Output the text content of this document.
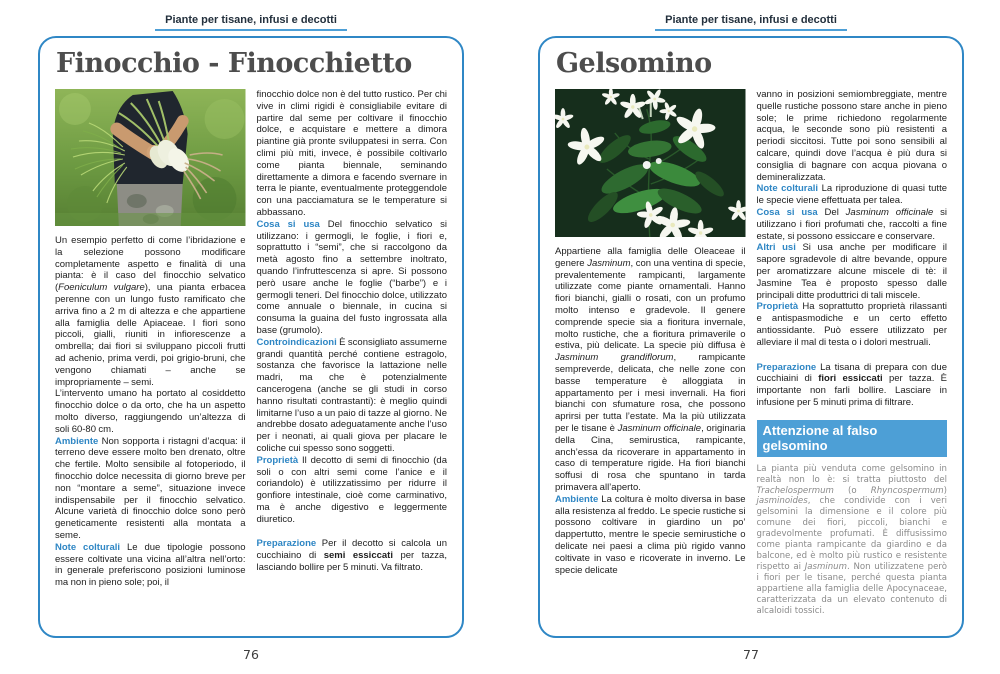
Piante per tisane, infusi e decotti
Finocchio - Finocchietto

Un esempio perfetto di come l’ibridazione e la selezione possono modificare completamente aspetto e finalità di una pianta: è il caso del finocchio selvatico (Foeniculum vulgare), una pianta erbacea perenne con un lungo fusto ramificato che arriva fino a 2 m di altezza e che appartiene alla famiglia delle Apiaceae. I fiori sono piccoli, gialli, riuniti in infiorescenze a ombrella; dai fiori si sviluppano piccoli frutti ad achenio, prima verdi, poi grigio-bruni, che vengono chiamati – anche se impropriamente – semi.

L’intervento umano ha portato al cosiddetto finocchio dolce o da orto, che ha un aspetto molto diverso, raggiungendo un’altezza di soli 60-80 cm.

Ambiente Non sopporta i ristagni d’acqua: il terreno deve essere molto ben drenato, oltre che fertile. Molto sensibile al fotoperiodo, il finocchio dolce necessita di giorno breve per non “montare a seme”, situazione invece indispensabile per il finocchio selvatico. Alcune varietà di finocchio dolce sono però geneticamente resistenti alla montata a seme.

Note colturali Le due tipologie possono essere coltivate una vicina all’altra nell’orto: in generale preferiscono posizioni luminose ma non in pieno sole; poi, il

finocchio dolce non è del tutto rustico. Per chi vive in climi rigidi è consigliabile evitare di partire dal seme per coltivare il finocchio dolce, e acquistare e mettere a dimora piantine già pronte sviluppatesi in serra. Con climi più miti, invece, è possibile coltivarlo come pianta biennale, seminando direttamente a dimora e facendo svernare in terra le piante, eventualmente proteggendole con una pacciamatura se le temperature si abbassano.

Cosa si usa Del finocchio selvatico si utilizzano: i germogli, le foglie, i fiori e, soprattutto i “semi”, che si raccolgono da metà agosto fino a settembre inoltrato, quando l’infruttescenza si apre. Si possono però usare anche le foglie (“barbe”) e i germogli teneri. Del finocchio dolce, utilizzato come annuale o biennale, in cucina si consuma la guaina del fusto ingrossata alla base (grumolo).

Controindicazioni È sconsigliato assumerne grandi quantità perché contiene estragolo, sostanza che favorisce la lattazione nelle madri, ma che è potenzialmente cancerogena (anche se gli studi in corso hanno risultati contrastanti): è meglio quindi limitarne l’uso a un paio di tazze al giorno. Ne andrebbe dosato adeguatamente anche l’uso per i neonati, ai quali giova per placare le coliche cui spesso sono soggetti.

Proprietà Il decotto di semi di finocchio (da soli o con altri semi come l’anice e il coriandolo) è utilizzatissimo per ridurre il gonfiore intestinale, cioè come carminativo, ma è anche digestivo e leggermente diuretico.

Preparazione Per il decotto si calcola un cucchiaino di semi essiccati per tazza, lasciando bollire per 5 minuti. Va filtrato.

76
Piante per tisane, infusi e decotti
Gelsomino

Appartiene alla famiglia delle Oleaceae il genere Jasminum, con una ventina di specie, prevalentemente rampicanti, largamente utilizzate come piante ornamentali. Hanno fiori bianchi, gialli o rosati, con un profumo molto intenso e gradevole. Il genere comprende specie sia a fioritura invernale, molto rustiche, che a fioritura primaverile o estiva, più delicate. La specie più diffusa è Jasminum grandiflorum, rampicante sempreverde, delicata, che nelle zone con basse temperature è alloggiata in appartamento per i mesi invernali. Ha fiori bianchi con sfumature rosa, che possono aprirsi per tutta l’estate. Ma la più utilizzata per le tisane è Jasminum officinale, originaria della Cina, semirustica, rampicante, anch’essa da ricoverare in appartamento in caso di temperature rigide. Ha fiori bianchi soffusi di rosa che spuntano in tarda primavera all’aperto.

Ambiente La coltura è molto diversa in base alla resistenza al freddo. Le specie rustiche si possono coltivare in giardino un po’ dappertutto, mentre le specie semirustiche o delicate nei paesi a clima più rigido vanno coltivate in vaso e ricoverate in inverno. Le specie delicate

vanno in posizioni semiombreggiate, mentre quelle rustiche possono stare anche in pieno sole; le prime richiedono regolarmente acqua, le seconde sono più resistenti a periodi siccitosi. Tutte poi sono sensibili al calcare, quindi dove l’acqua è più dura si consiglia di bagnare con acqua piovana o demineralizzata.

Note colturali La riproduzione di quasi tutte le specie viene effettuata per talea.

Cosa si usa Del Jasminum officinale si utilizzano i fiori profumati che, raccolti a fine estate, si possono essiccare e conservare.

Altri usi Si usa anche per modificare il sapore sgradevole di altre bevande, oppure per aromatizzare alcune miscele di tè: il Jasmine Tea è proposto spesso dalle principali ditte produttrici di tali miscele.

Proprietà Ha soprattutto proprietà rilassanti e antispasmodiche e un certo effetto antiossidante. Può essere utilizzato per alleviare il mal di testa o i dolori mestruali.

Preparazione La tisana di prepara con due cucchiaini di fiori essiccati per tazza. È importante non farli bollire. Lasciare in infusione per 5 minuti prima di filtrare.

Attenzione al falso gelsomino

La pianta più venduta come gelsomino in realtà non lo è: si tratta piuttosto del Trachelospermum (o Rhyncospermum) jasminoides, che condivide con i veri gelsomini la dimensione e il colore più comune dei fiori, piccoli, bianchi e gradevolmente profumati. È diffusissimo come pianta rampicante da giardino e da balcone, ed è molto più rustico e resistente rispetto ai Jasminum. Non utilizzatene però i fiori per le tisane, perché questa pianta appartiene alla famiglia delle Apocynaceae, caratterizzata da un elevato contenuto di alcaloidi tossici.

77
